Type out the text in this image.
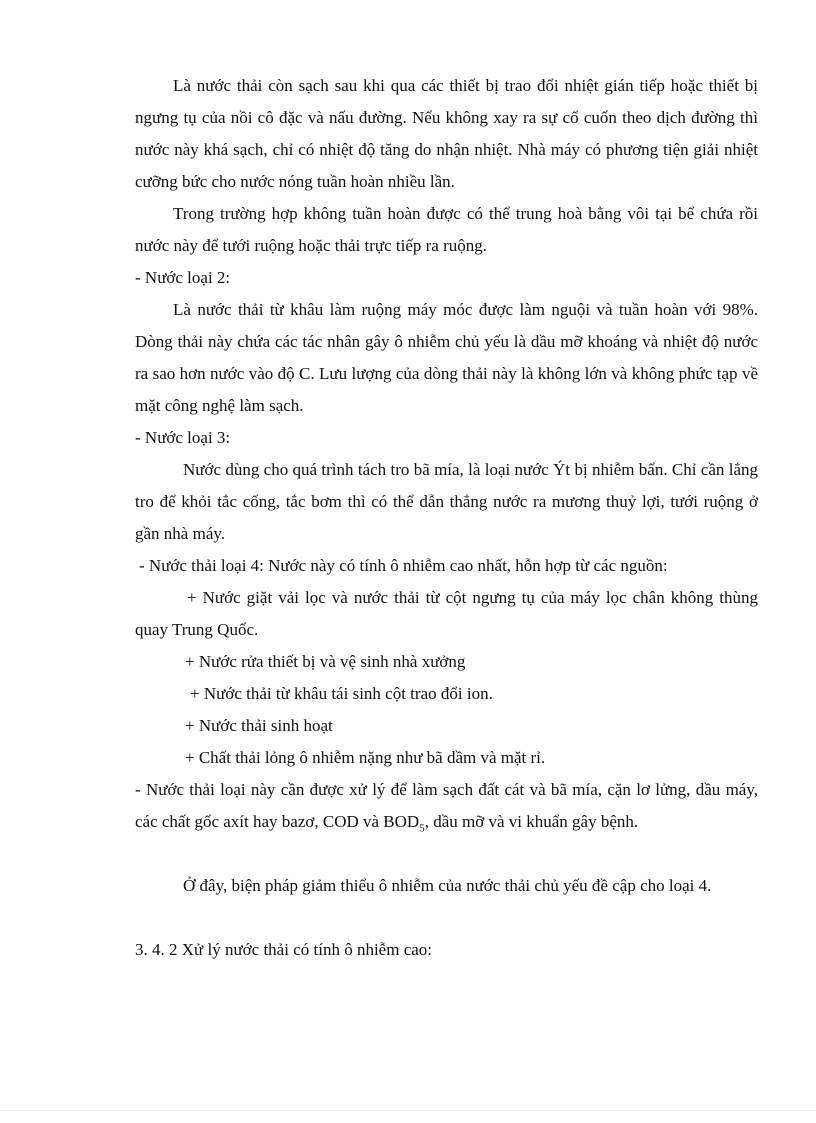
Là nước thải còn sạch sau khi qua các thiết bị trao đổi nhiệt gián tiếp hoặc thiết bị ngưng tụ của nồi cô đặc và nấu đường. Nếu không xay ra sự cố cuốn theo dịch đường thì nước này khá sạch, chỉ có nhiệt độ tăng do nhận nhiệt. Nhà máy có phương tiện giải nhiệt cưỡng bức cho nước nóng tuần hoàn nhiều lần.

Trong trường hợp không tuần hoàn được có thể trung hoà bằng vôi tại bể chứa rồi nước này để tưới ruộng hoặc thải trực tiếp ra ruộng.

- Nước loại 2:

Là nước thải từ khâu làm ruộng máy móc được làm nguội và tuần hoàn với 98%. Dòng thải này chứa các tác nhân gây ô nhiễm chủ yếu là dầu mỡ khoáng và nhiệt độ nước ra sao hơn nước vào độ C. Lưu lượng của dòng thải này là không lớn và không phức tạp về mặt công nghệ làm sạch.

- Nước loại 3:

Nước dùng cho quá trình tách tro bã mía, là loại nước Ýt bị nhiễm bẩn. Chỉ cần lắng tro để khỏi tắc cống, tắc bơm thì có thể dẫn thẳng nước ra mương thuỷ lợi, tưới ruộng ở gần nhà máy.

- Nước thải loại 4: Nước này có tính ô nhiễm cao nhất, hỗn hợp từ các nguồn:

+ Nước giặt vải lọc và nước thải từ cột ngưng tụ của máy lọc chân không thùng quay Trung Quốc.

+ Nước rửa thiết bị và vệ sinh nhà xưởng

+ Nước thải từ khâu tái sinh cột trao đổi ion.

+ Nước thải sinh hoạt

+ Chất thải lỏng ô nhiễm nặng như bã dầm và mặt rỉ.

- Nước thải loại này cần được xử lý để làm sạch đất cát và bã mía, cặn lơ lửng, dầu máy, các chất gốc axít hay bazơ, COD và $BOD_5$, dầu mỡ và vi khuẩn gây bệnh.

Ở đây, biện pháp giảm thiểu ô nhiễm của nước thải chủ yếu đề cập cho loại 4.

3. 4. 2 Xử lý nước thải có tính ô nhiễm cao:
